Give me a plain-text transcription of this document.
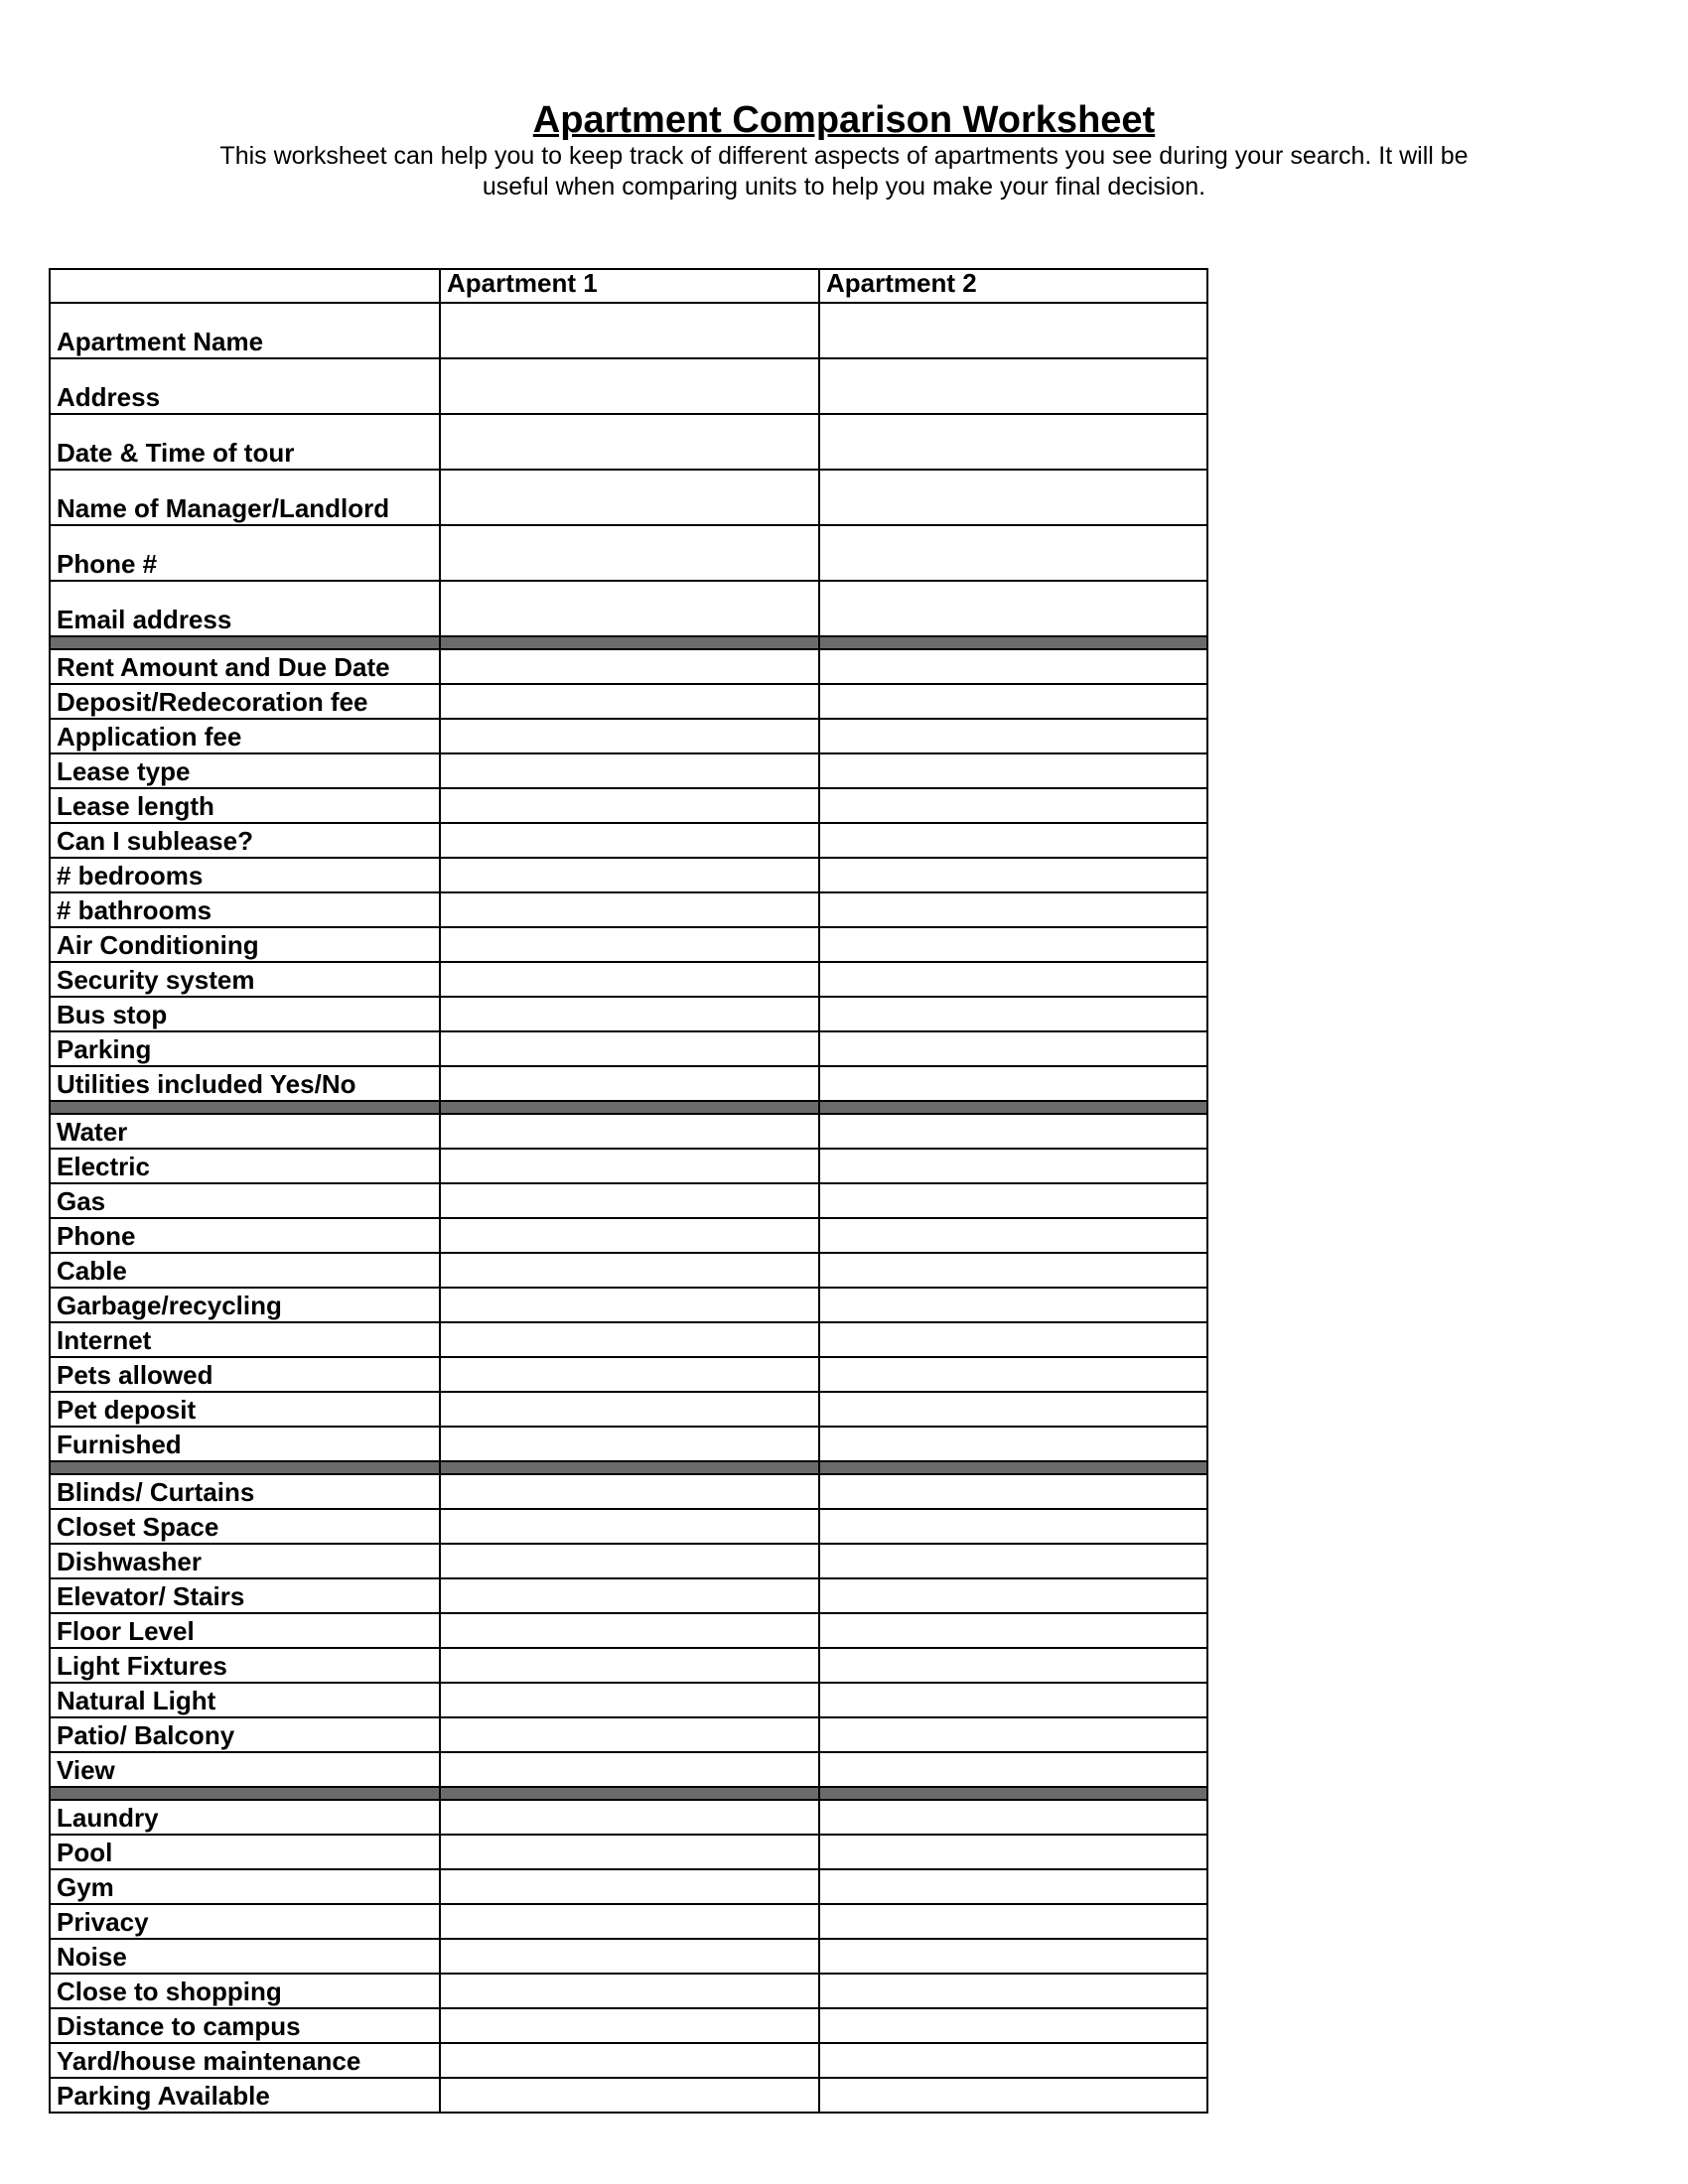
Apartment Comparison Worksheet

This worksheet can help you to keep track of different aspects of apartments you see during your search. It will be
useful when comparing units to help you make your final decision.

	Apartment 1	Apartment 2
Apartment Name		
Address		
Date & Time of tour		
Name of Manager/Landlord		
Phone #		
Email address		

Rent Amount and Due Date		
Deposit/Redecoration fee		
Application fee		
Lease type		
Lease length		
Can I sublease?		
# bedrooms		
# bathrooms		
Air Conditioning		
Security system		
Bus stop		
Parking		
Utilities included Yes/No		

Water		
Electric		
Gas		
Phone		
Cable		
Garbage/recycling		
Internet		
Pets allowed		
Pet deposit		
Furnished		

Blinds/ Curtains		
Closet Space		
Dishwasher		
Elevator/ Stairs		
Floor Level		
Light Fixtures		
Natural Light		
Patio/ Balcony		
View		

Laundry		
Pool		
Gym		
Privacy		
Noise		
Close to shopping		
Distance to campus		
Yard/house maintenance		
Parking Available		
